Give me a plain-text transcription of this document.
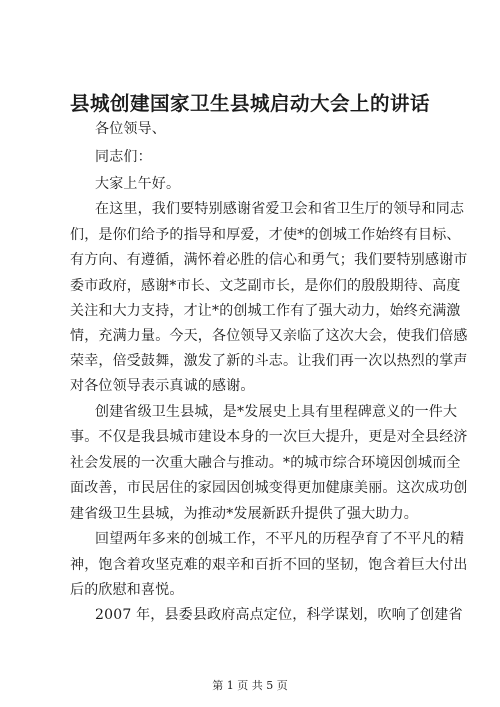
县城创建国家卫生县城启动大会上的讲话
各位领导、
同志们：
大家上午好。
在这里，我们要特别感谢省爱卫会和省卫生厅的领导和同志
们，是你们给予的指导和厚爱，才使*的创城工作始终有目标、
有方向、有遵循，满怀着必胜的信心和勇气；我们要特别感谢市
委市政府，感谢*市长、文芝副市长，是你们的殷殷期待、高度
关注和大力支持，才让*的创城工作有了强大动力，始终充满激
情，充满力量。今天，各位领导又亲临了这次大会，使我们倍感
荣幸，倍受鼓舞，激发了新的斗志。让我们再一次以热烈的掌声
对各位领导表示真诚的感谢。
创建省级卫生县城，是*发展史上具有里程碑意义的一件大
事。不仅是我县城市建设本身的一次巨大提升，更是对全县经济
社会发展的一次重大融合与推动。*的城市综合环境因创城而全
面改善，市民居住的家园因创城变得更加健康美丽。这次成功创
建省级卫生县城，为推动*发展新跃升提供了强大助力。
回望两年多来的创城工作，不平凡的历程孕育了不平凡的精
神，饱含着攻坚克难的艰辛和百折不回的坚韧，饱含着巨大付出
后的欣慰和喜悦。
2007 年，县委县政府高点定位，科学谋划，吹响了创建省
第 1 页 共 5 页
